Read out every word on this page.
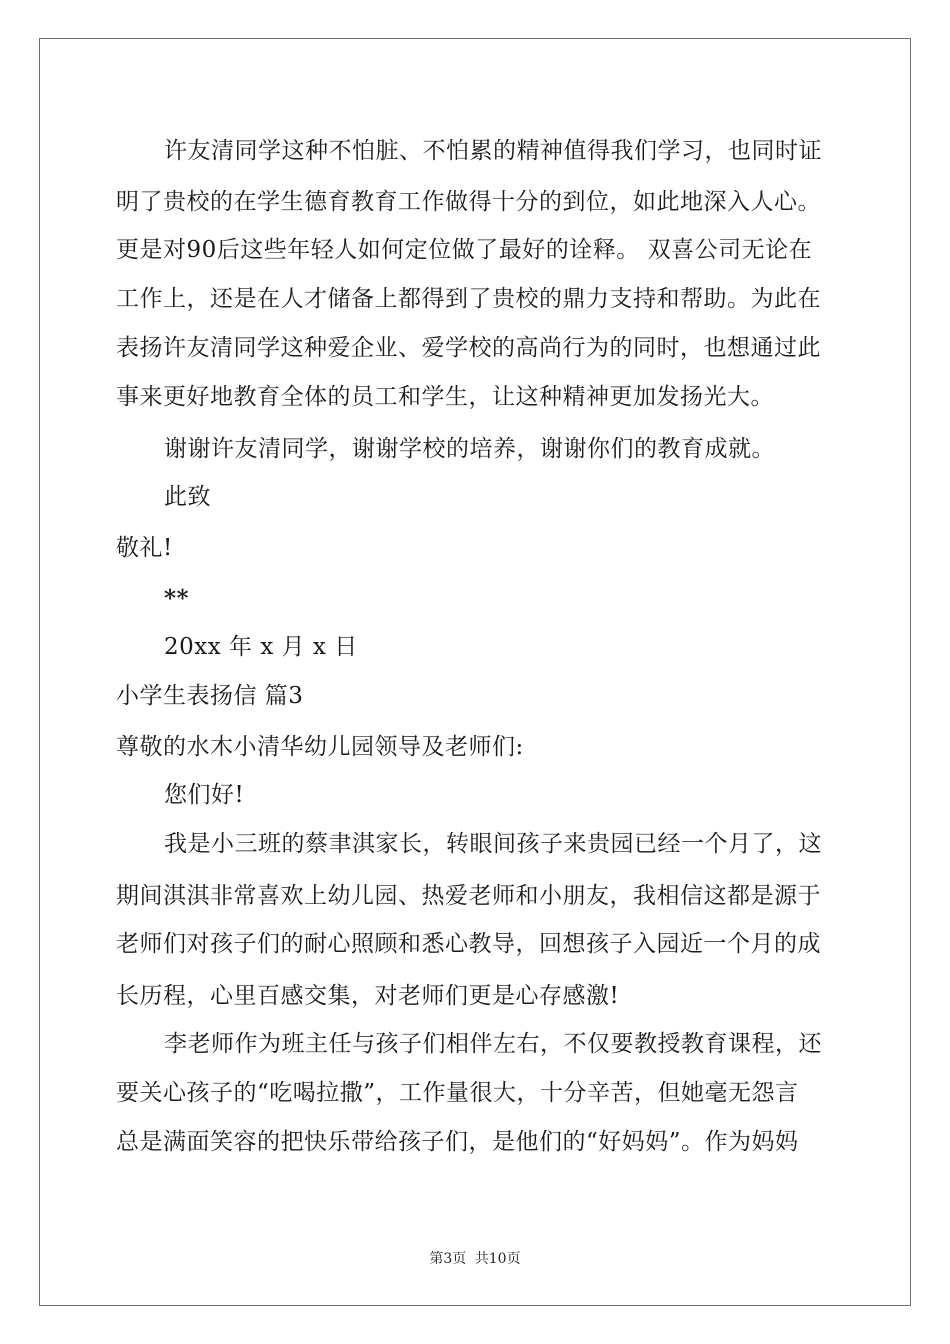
许友清同学这种不怕脏、不怕累的精神值得我们学习，也同时证
明了贵校的在学生德育教育工作做得十分的到位，如此地深入人心。
更是对90后这些年轻人如何定位做了最好的诠释。 双喜公司无论在
工作上，还是在人才储备上都得到了贵校的鼎力支持和帮助。为此在
表扬许友清同学这种爱企业、爱学校的高尚行为的同时，也想通过此
事来更好地教育全体的员工和学生，让这种精神更加发扬光大。
谢谢许友清同学，谢谢学校的培养，谢谢你们的教育成就。
此致
敬礼!
**
20xx 年 x 月 x 日
小学生表扬信 篇3
尊敬的水木小清华幼儿园领导及老师们:
您们好!
我是小三班的蔡聿淇家长，转眼间孩子来贵园已经一个月了，这
期间淇淇非常喜欢上幼儿园、热爱老师和小朋友，我相信这都是源于
老师们对孩子们的耐心照顾和悉心教导，回想孩子入园近一个月的成
长历程，心里百感交集，对老师们更是心存感激!
李老师作为班主任与孩子们相伴左右，不仅要教授教育课程，还
要关心孩子的“吃喝拉撒”，工作量很大，十分辛苦，但她毫无怨言
总是满面笑容的把快乐带给孩子们，是他们的“好妈妈”。作为妈妈
第3页 共10页
